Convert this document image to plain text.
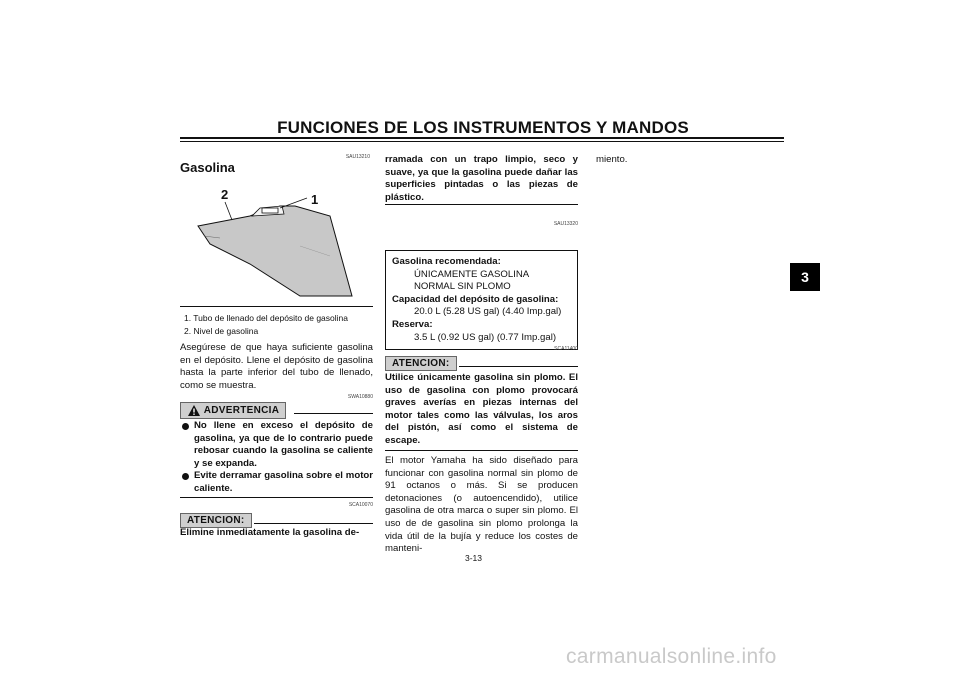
FUNCIONES DE LOS INSTRUMENTOS Y MANDOS
3
SAU13210
Gasolina
2	1
1. Tubo de llenado del depósito de gasolina
2. Nivel de gasolina
Asegúrese de que haya suficiente gasolina en el depósito. Llene el depósito de gasolina hasta la parte inferior del tubo de llenado, como se muestra.
ADVERTENCIA
SWA10880
No llene en exceso el depósito de gasolina, ya que de lo contrario puede rebosar cuando la gasolina se caliente y se expanda.
Evite derramar gasolina sobre el motor caliente.
SCA10070
ATENCION:
Elimine inmediatamente la gasolina de-
rramada con un trapo limpio, seco y suave, ya que la gasolina puede dañar las superficies pintadas o las piezas de plástico.
SAU13320
Gasolina recomendada:
ÚNICAMENTE GASOLINA NORMAL SIN PLOMO
Capacidad del depósito de gasolina:
20.0 L (5.28 US gal) (4.40 Imp.gal)
Reserva:
3.5 L (0.92 US gal) (0.77 Imp.gal)
SCA11400
ATENCION:
Utilice únicamente gasolina sin plomo. El uso de gasolina con plomo provocará graves averías en piezas internas del motor tales como las válvulas, los aros del pistón, así como el sistema de escape.
El motor Yamaha ha sido diseñado para funcionar con gasolina normal sin plomo de 91 octanos o más. Si se producen detonaciones (o autoencendido), utilice gasolina de otra marca o super sin plomo. El uso de de gasolina sin plomo prolonga la vida útil de la bujía y reduce los costes de manteni-
miento.
3-13
carmanualsonline.info
